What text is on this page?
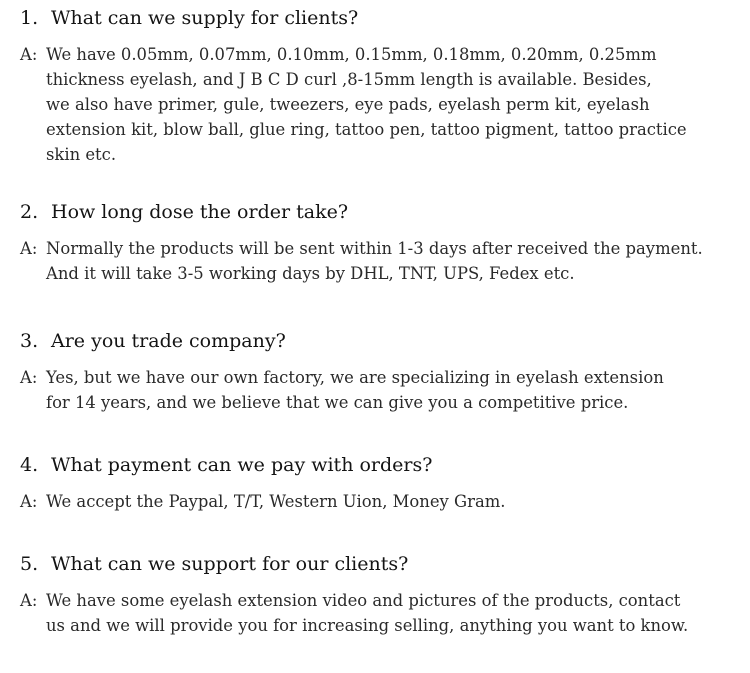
1. What can we supply for clients?
A: We have 0.05mm, 0.07mm, 0.10mm, 0.15mm, 0.18mm, 0.20mm, 0.25mm
thickness eyelash, and J B C D curl ,8-15mm length is available. Besides,
we also have primer, gule, tweezers, eye pads, eyelash perm kit, eyelash
extension kit, blow ball, glue ring, tattoo pen, tattoo pigment, tattoo practice
skin etc.
2. How long dose the order take?
A: Normally the products will be sent within 1-3 days after received the payment.
And it will take 3-5 working days by DHL, TNT, UPS, Fedex etc.
3. Are you trade company?
A: Yes, but we have our own factory, we are specializing in eyelash extension
for 14 years, and we believe that we can give you a competitive price.
4. What payment can we pay with orders?
A: We accept the Paypal, T/T, Western Uion, Money Gram.
5. What can we support for our clients?
A: We have some eyelash extension video and pictures of the products, contact
us and we will provide you for increasing selling, anything you want to know.
